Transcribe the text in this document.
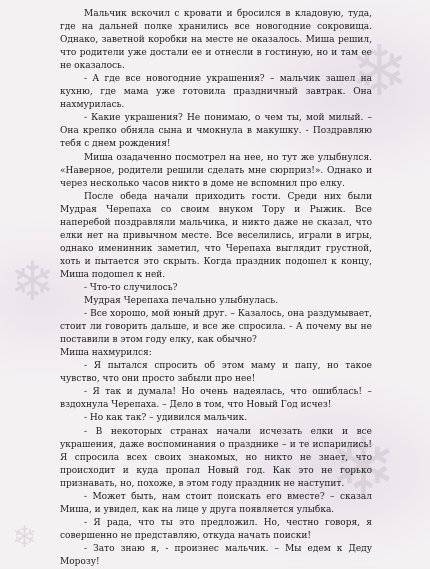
❄
❄
❄
❄

Мальчик вскочил с кровати и бросился в кладовую, туда, где на дальней полке хранились все новогодние сокровища. Однако, заветной коробки на месте не оказалось. Миша решил, что родители уже достали ее и отнесли в гостиную, но и там ее не оказалось.

- А где все новогодние украшения? – мальчик зашел на кухню, где мама уже готовила праздничный завтрак. Она нахмурилась.

- Какие украшения? Не понимаю, о чем ты, мой милый. – Она крепко обняла сына и чмокнула в макушку. - Поздравляю тебя с днем рождения!

Миша озадаченно посмотрел на нее, но тут же улыбнулся. «Наверное, родители решили сделать мне сюрприз!». Однако и через несколько часов никто в доме не вспомнил про елку.

После обеда начали приходить гости. Среди них были Мудрая Черепаха со своим внуком Тору и Рыжик. Все наперебой поздравляли мальчика, и никто даже не сказал, что елки нет на привычном месте. Все веселились, играли в игры, однако именинник заметил, что Черепаха выглядит грустной, хоть и пытается это скрыть. Когда праздник подошел к концу, Миша подошел к ней.

- Что-то случилось?

Мудрая Черепаха печально улыбнулась.

- Все хорошо, мой юный друг. – Казалось, она раздумывает, стоит ли говорить дальше, и все же спросила. - А почему вы не поставили в этом году елку, как обычно?

Миша нахмурился:

- Я пытался спросить об этом маму и папу, но такое чувство, что они просто забыли про нее!

- Я так и думала! Но очень надеялась, что ошиблась! – вздохнула Черепаха. – Дело в том, что Новый Год исчез!

- Но как так? – удивился мальчик.

- В некоторых странах начали исчезать елки и все украшения, даже воспоминания о празднике – и те испарились! Я спросила всех своих знакомых, но никто не знает, что происходит и куда пропал Новый год. Как это не горько признавать, но, похоже, в этом году праздник не наступит.

- Может быть, нам стоит поискать его вместе? – сказал Миша, и увидел, как на лице у друга появляется улыбка.

- Я рада, что ты это предложил. Но, честно говоря, я совершенно не представляю, откуда начать поиски!

- Зато знаю я, - произнес мальчик. – Мы едем к Деду Морозу!
